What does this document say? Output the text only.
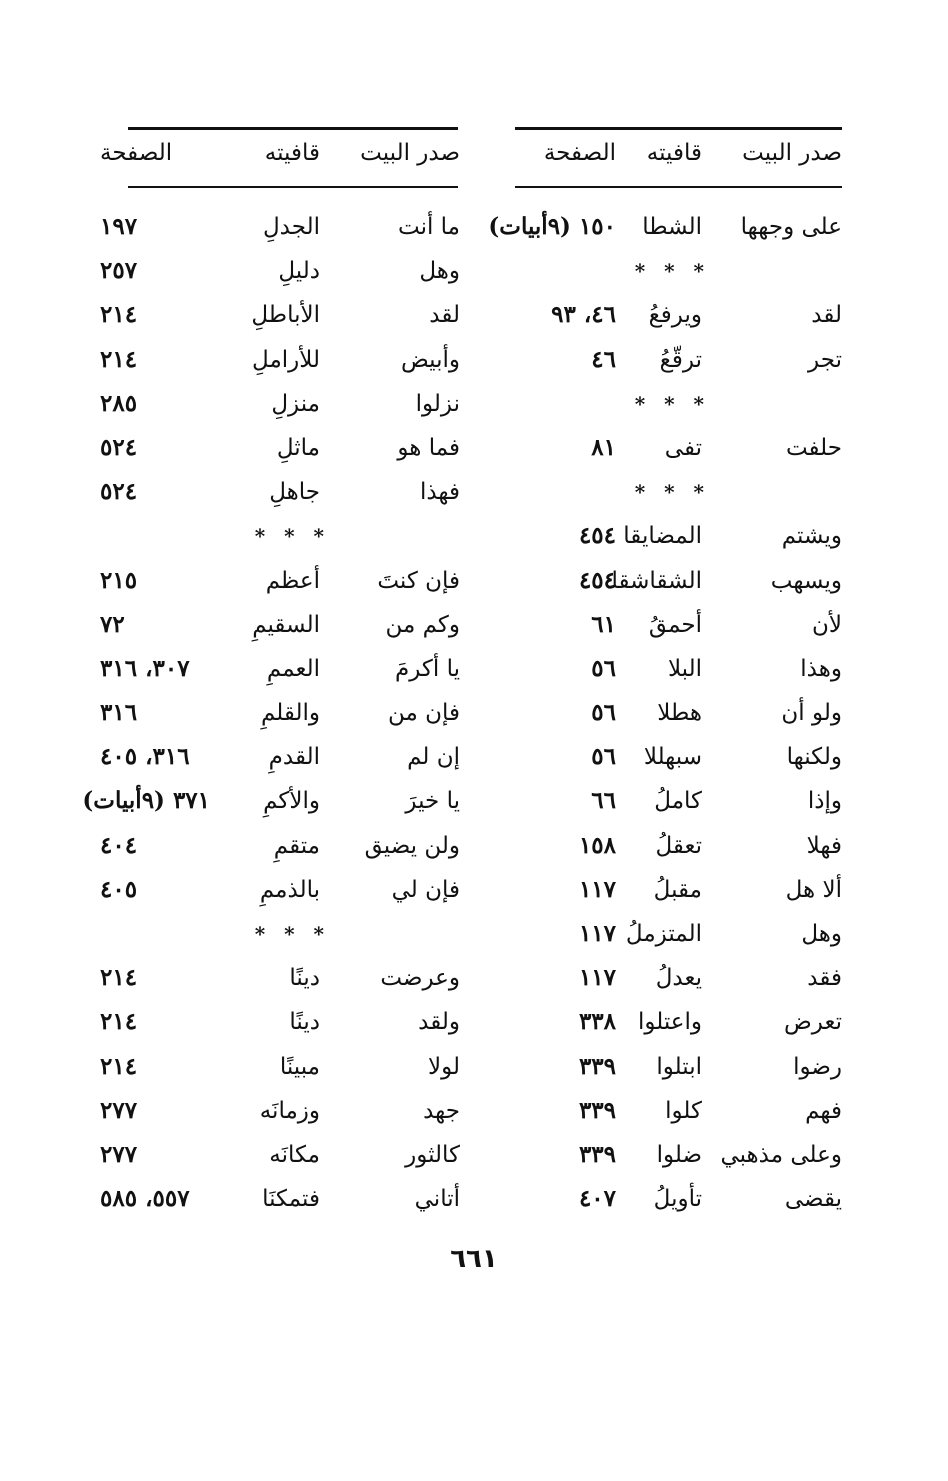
صدر البيت
قافيته
الصفحة
على وجهها
الشطا
١٥٠ (٩أبيات)
* * *
لقد
ويرفعُ
٤٦، ٩٣
تجر
ترقّعُ
٤٦
* * *
حلفت
تفى
٨١
* * *
ويشتم
المضايقا
٤٥٤
ويسهب
الشقاشقا
٤٥٤
لأن
أحمقُ
٦١
وهذا
البلا
٥٦
ولو أن
هطلا
٥٦
ولكنها
سبهللا
٥٦
وإذا
كاملُ
٦٦
فهلا
تعقلُ
١٥٨
ألا هل
مقبلُ
١١٧
وهل
المتزملُ
١١٧
فقد
يعدلُ
١١٧
تعرض
واعتلوا
٣٣٨
رضوا
ابتلوا
٣٣٩
فهم
كلوا
٣٣٩
وعلى مذهبي
ضلوا
٣٣٩
يقضى
تأويلُ
٤٠٧
صدر البيت
قافيته
الصفحة
ما أنت
الجدلِ
١٩٧
وهل
دليلِ
٢٥٧
لقد
الأباطلِ
٢١٤
وأبيض
للأراملِ
٢١٤
نزلوا
منزلِ
٢٨٥
فما هو
ماثلِ
٥٢٤
فهذا
جاهلِ
٥٢٤
* * *
فإن كنتَ
أعظم
٢١٥
وكم من
السقيمِ
٧٢
يا أكرمَ
العممِ
٣٠٧، ٣١٦
فإن من
والقلمِ
٣١٦
إن لم
القدمِ
٣١٦، ٤٠٥
يا خيرَ
والأكمِ
٣٧١ (٩أبيات)
ولن يضيق
متقمِ
٤٠٤
فإن لي
بالذممِ
٤٠٥
* * *
وعرضت
دينًا
٢١٤
ولقد
دينًا
٢١٤
لولا
مبينًا
٢١٤
جهد
وزمانَه
٢٧٧
كالثور
مكانَه
٢٧٧
أتاني
فتمكنَا
٥٥٧، ٥٨٥
٦٦١
